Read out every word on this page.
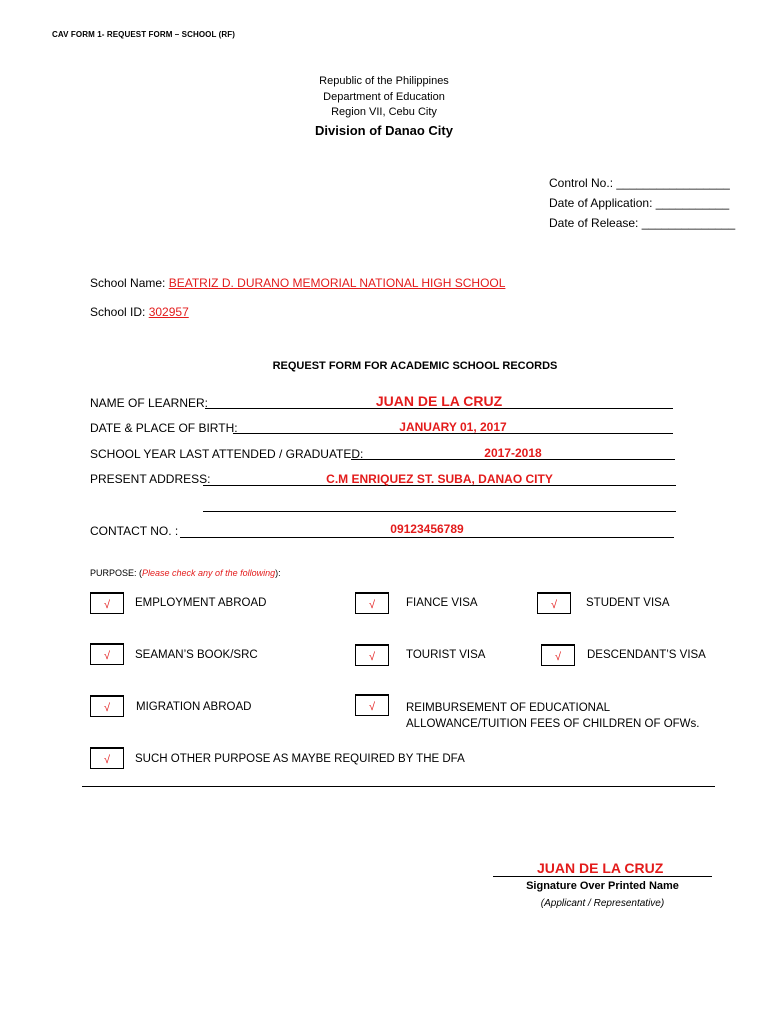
CAV FORM 1- REQUEST FORM – SCHOOL (RF)
Republic of the Philippines
Department of Education
Region VII, Cebu City
Division of Danao City
Control No.: _________________
Date of Application: ___________
Date of Release: ______________
School Name: BEATRIZ D. DURANO MEMORIAL NATIONAL HIGH SCHOOL
School ID: 302957
REQUEST FORM FOR ACADEMIC SCHOOL RECORDS
NAME OF LEARNER:	JUAN DE LA CRUZ
DATE & PLACE OF BIRTH:	JANUARY 01, 2017
SCHOOL YEAR LAST ATTENDED / GRADUATED:	2017-2018
PRESENT ADDRESS:	C.M ENRIQUEZ ST. SUBA, DANAO CITY
CONTACT NO. :	09123456789
PURPOSE: (Please check any of the following):
√	EMPLOYMENT ABROAD	√	FIANCE VISA	√	STUDENT VISA
√	SEAMAN’S BOOK/SRC	√	TOURIST VISA	√	DESCENDANT’S VISA
√	MIGRATION ABROAD	√	REIMBURSEMENT OF EDUCATIONAL
ALLOWANCE/TUITION FEES OF CHILDREN OF OFWs.
√	SUCH OTHER PURPOSE AS MAYBE REQUIRED BY THE DFA
JUAN DE LA CRUZ
Signature Over Printed Name
(Applicant / Representative)
